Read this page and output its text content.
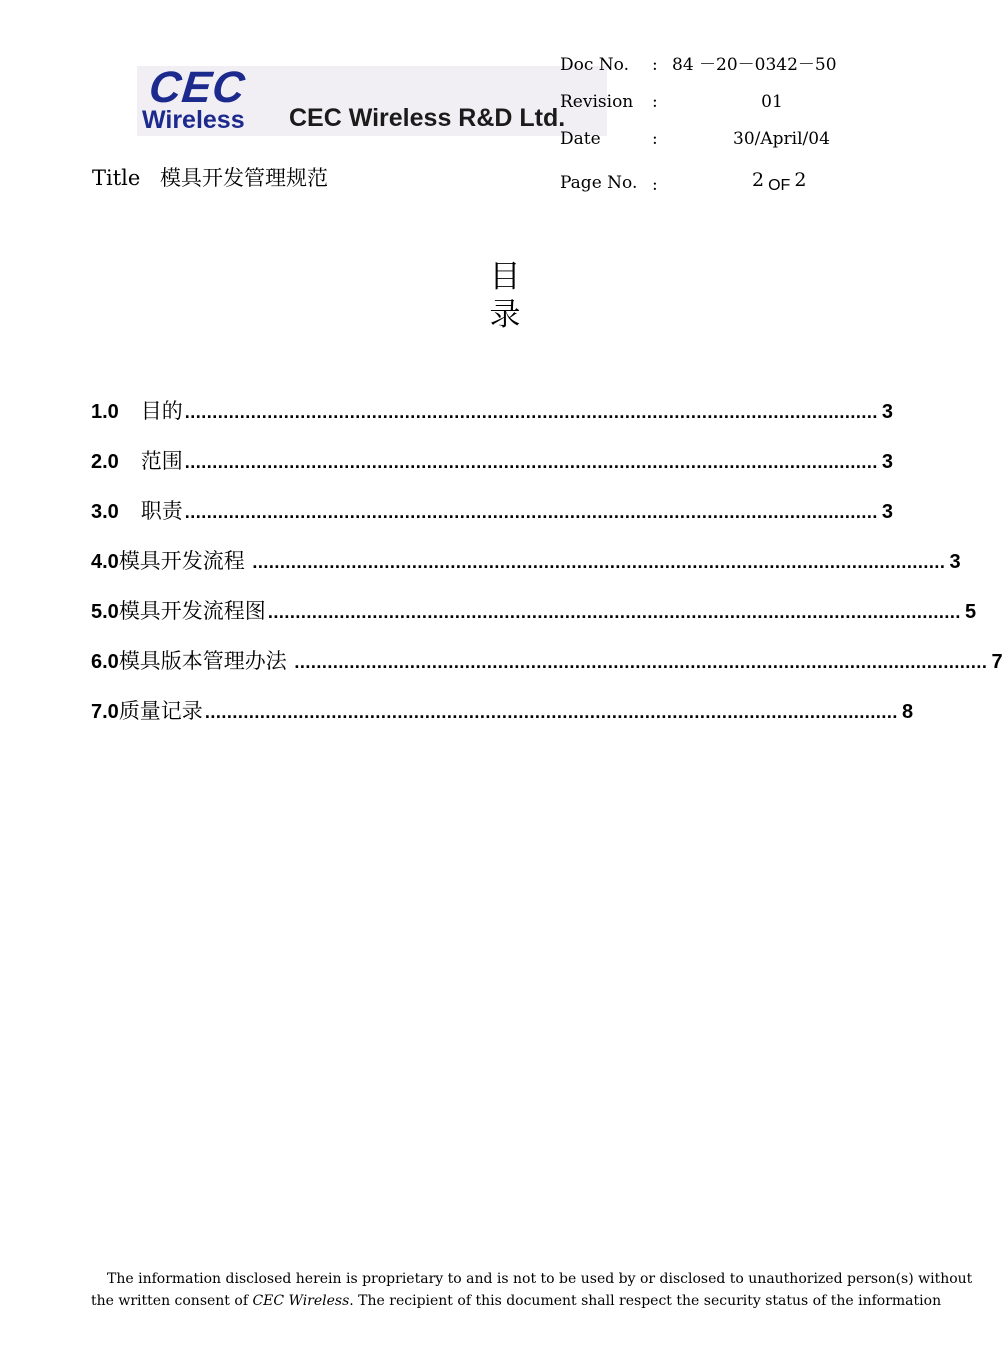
CEC
Wireless CEC Wireless R&D Ltd.
Doc No. : 84 －20－0342－50
Revision :	01
Date	:	30/April/04
Title 模具开发管理规范	Page No. :	2 $_{OF}$ 2
目录
1.0	目的 .............................................................................................................................. 3
2.0	范围 .............................................................................................................................. 3
3.0	职责 .............................................................................................................................. 3
4.0 模具开发流程 .............................................................................................................................. 3
5.0 模具开发流程图 .............................................................................................................................. 5
6.0 模具版本管理办法 .............................................................................................................................. 7
7.0 质量记录 .............................................................................................................................. 8
The information disclosed herein is proprietary to and is not to be used by or disclosed to unauthorized person(s) without
the written consent of CEC Wireless. The recipient of this document shall respect the security status of the information
